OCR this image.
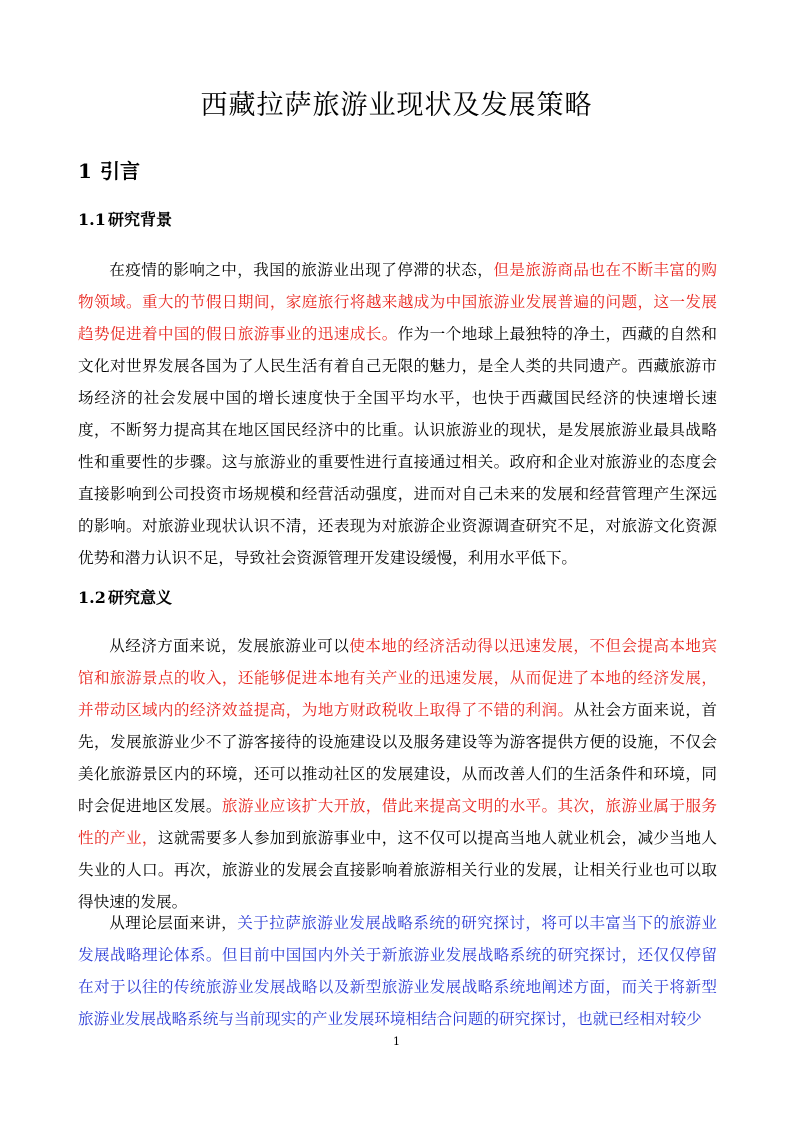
西藏拉萨旅游业现状及发展策略
1 引言
1.1 研究背景

在疫情的影响之中，我国的旅游业出现了停滞的状态，但是旅游商品也在不断丰富的购物领域。重大的节假日期间，家庭旅行将越来越成为中国旅游业发展普遍的问题，这一发展趋势促进着中国的假日旅游事业的迅速成长。作为一个地球上最独特的净土，西藏的自然和文化对世界发展各国为了人民生活有着自己无限的魅力，是全人类的共同遗产。西藏旅游市场经济的社会发展中国的增长速度快于全国平均水平，也快于西藏国民经济的快速增长速度，不断努力提高其在地区国民经济中的比重。认识旅游业的现状，是发展旅游业最具战略性和重要性的步骤。这与旅游业的重要性进行直接通过相关。政府和企业对旅游业的态度会直接影响到公司投资市场规模和经营活动强度，进而对自己未来的发展和经营管理产生深远的影响。对旅游业现状认识不清，还表现为对旅游企业资源调查研究不足，对旅游文化资源优势和潜力认识不足，导致社会资源管理开发建设缓慢，利用水平低下。

1.2 研究意义

从经济方面来说，发展旅游业可以使本地的经济活动得以迅速发展，不但会提高本地宾馆和旅游景点的收入，还能够促进本地有关产业的迅速发展，从而促进了本地的经济发展，并带动区域内的经济效益提高，为地方财政税收上取得了不错的利润。从社会方面来说，首先，发展旅游业少不了游客接待的设施建设以及服务建设等为游客提供方便的设施，不仅会美化旅游景区内的环境，还可以推动社区的发展建设，从而改善人们的生活条件和环境，同时会促进地区发展。旅游业应该扩大开放，借此来提高文明的水平。其次，旅游业属于服务性的产业，这就需要多人参加到旅游事业中，这不仅可以提高当地人就业机会，减少当地人失业的人口。再次，旅游业的发展会直接影响着旅游相关行业的发展，让相关行业也可以取得快速的发展。

从理论层面来讲，关于拉萨旅游业发展战略系统的研究探讨，将可以丰富当下的旅游业发展战略理论体系。但目前中国国内外关于新旅游业发展战略系统的研究探讨，还仅仅停留在对于以往的传统旅游业发展战略以及新型旅游业发展战略系统地阐述方面，而关于将新型旅游业发展战略系统与当前现实的产业发展环境相结合问题的研究探讨，也就已经相对较少

1
